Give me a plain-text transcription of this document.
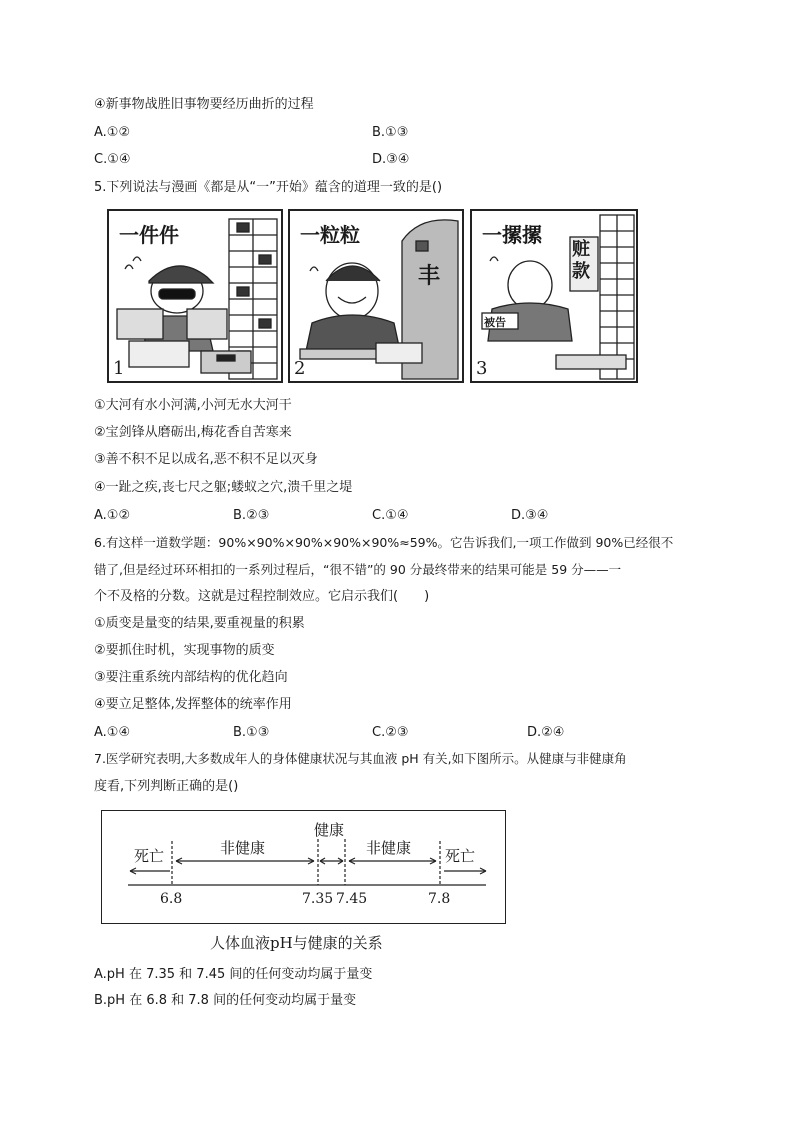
④新事物战胜旧事物要经历曲折的过程
A.①②	B.①③
C.①④	D.③④
5.下列说法与漫画《都是从“一”开始》蕴含的道理一致的是()
一件件
1
一粒粒
丰
2
一摞摞
赃款
被告
3
①大河有水小河满,小河无水大河干
②宝剑锋从磨砺出,梅花香自苦寒来
③善不积不足以成名,恶不积不足以灭身
④一趾之疾,丧七尺之躯;蝼蚁之穴,溃千里之堤
A.①②	B.②③	C.①④	D.③④
6.有这样一道数学题：90%×90%×90%×90%×90%≈59%。它告诉我们,一项工作做到 90%已经很不
错了,但是经过环环相扣的一系列过程后，“很不错”的 90 分最终带来的结果可能是 59 分——一
个不及格的分数。这就是过程控制效应。它启示我们(　　)
①质变是量变的结果,要重视量的积累
②要抓住时机，实现事物的质变
③要注重系统内部结构的优化趋向
④要立足整体,发挥整体的统率作用
A.①④	B.①③	C.②③	D.②④
7.医学研究表明,大多数成年人的身体健康状况与其血液 pH 有关,如下图所示。从健康与非健康角
度看,下列判断正确的是()
死亡	非健康
健康
非健康 死亡
6.8	7.35 7.45	7.8
人体血液pH与健康的关系
A.pH 在 7.35 和 7.45 间的任何变动均属于量变
B.pH 在 6.8 和 7.8 间的任何变动均属于量变
